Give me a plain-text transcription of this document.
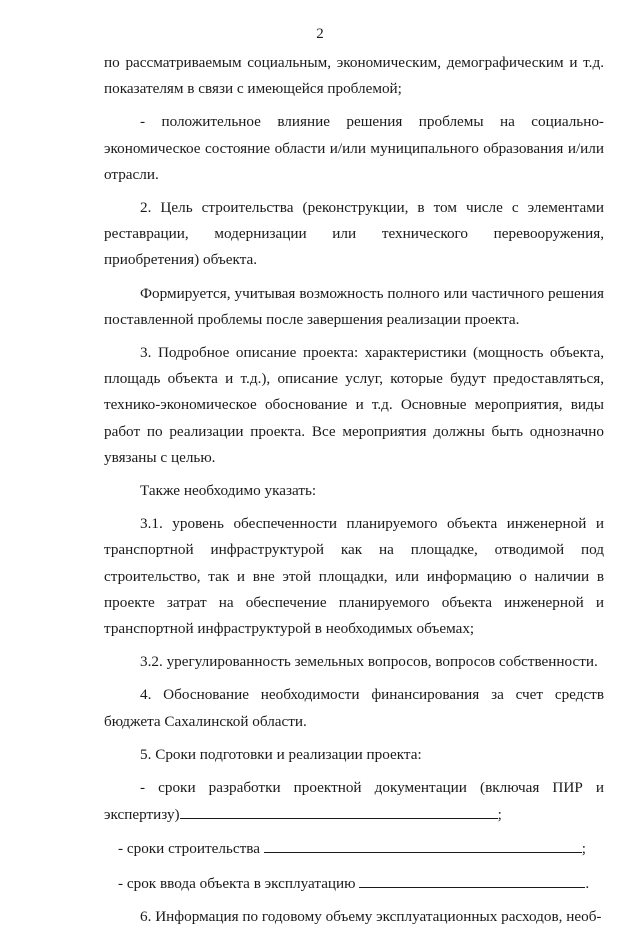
2

по рассматриваемым социальным, экономическим, демографическим и т.д. показателям в связи с имеющейся проблемой;

- положительное влияние решения проблемы на социально-экономическое состояние области и/или муниципального образования и/или отрасли.

2. Цель строительства (реконструкции, в том числе с элементами реставрации, модернизации или технического перевооружения, приобретения) объекта.

Формируется, учитывая возможность полного или частичного решения поставленной проблемы после завершения реализации проекта.

3. Подробное описание проекта: характеристики (мощность объекта, площадь объекта и т.д.), описание услуг, которые будут предоставляться, технико-экономическое обоснование и т.д. Основные мероприятия, виды работ по реализации проекта. Все мероприятия должны быть однозначно увязаны с целью.

Также необходимо указать:

3.1. уровень обеспеченности планируемого объекта инженерной и транспортной инфраструктурой как на площадке, отводимой под строительство, так и вне этой площадки, или информацию о наличии в проекте затрат на обеспечение планируемого объекта инженерной и транспортной инфраструктурой в необходимых объемах;

3.2. урегулированность земельных вопросов, вопросов собственности.

4. Обоснование необходимости финансирования за счет средств бюджета Сахалинской области.

5. Сроки подготовки и реализации проекта:

- сроки разработки проектной документации (включая ПИР и экспертизу)	;

- сроки строительства	;

- срок ввода объекта в эксплуатацию	.

6. Информация по годовому объему эксплуатационных расходов, необ-
